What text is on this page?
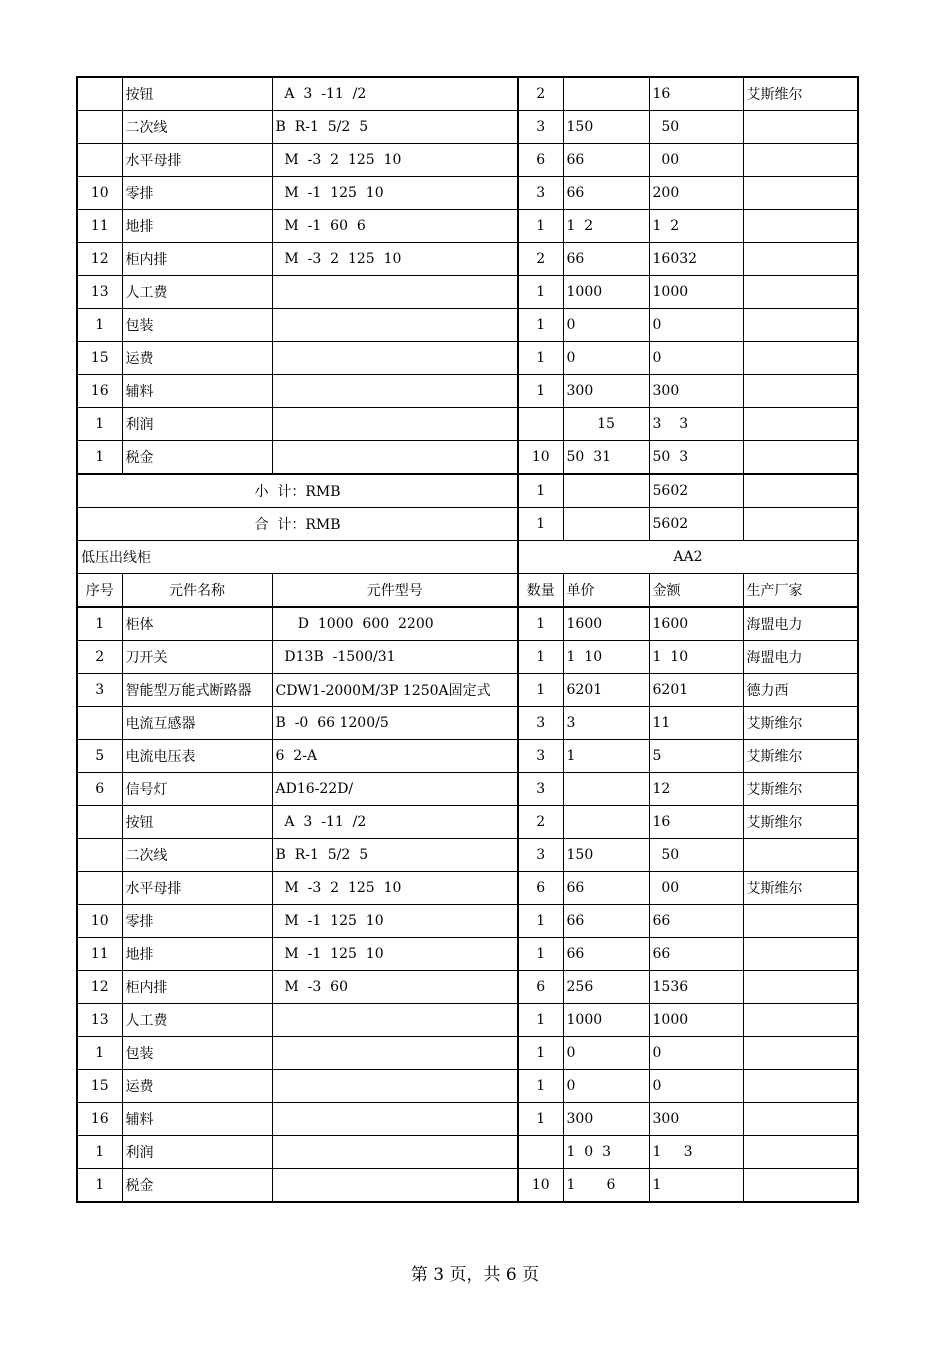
	按钮	A  3  -11  /2	2		16	艾斯维尔
	二次线	B  R-1  5/2  5	3	150	50	
	水平母排	M  -3  2  125  10	6	66	00	
10	零排	M  -1  125  10	3	66	200	
11	地排	M  -1  60  6	1	1  2	1  2	
12	柜内排	M  -3  2  125  10	2	66	16032	
13	人工费		1	1000	1000	
1	包装		1	0	0	
15	运费		1	0	0	
16	辅料		1	300	300	
1	利润			15	3    3	
1	税金		10	50  31	50  3	
小  计：RMB			1		5602	
合  计：RMB			1		5602	
低压出线柜			AA2			
序号	元件名称	元件型号	数量	单价	金额	生产厂家
1	柜体	D  1000  600  2200	1	1600	1600	海盟电力
2	刀开关	D13B  -1500/31	1	1  10	1  10	海盟电力
3	智能型万能式断路器	CDW1-2000M/3P 1250A固定式	1	6201	6201	德力西
	电流互感器	B  -0  66 1200/5	3	3	11	艾斯维尔
5	电流电压表	6  2-A	3	1	5	艾斯维尔
6	信号灯	AD16-22D/	3		12	艾斯维尔
	按钮	A  3  -11  /2	2		16	艾斯维尔
	二次线	B  R-1  5/2  5	3	150	50	
	水平母排	M  -3  2  125  10	6	66	00	艾斯维尔
10	零排	M  -1  125  10	1	66	66	
11	地排	M  -1  125  10	1	66	66	
12	柜内排	M  -3  60	6	256	1536	
13	人工费		1	1000	1000	
1	包装		1	0	0	
15	运费		1	0	0	
16	辅料		1	300	300	
1	利润			1  0  3	1     3	
1	税金		10	1       6	1	
第 3 页，共 6 页
